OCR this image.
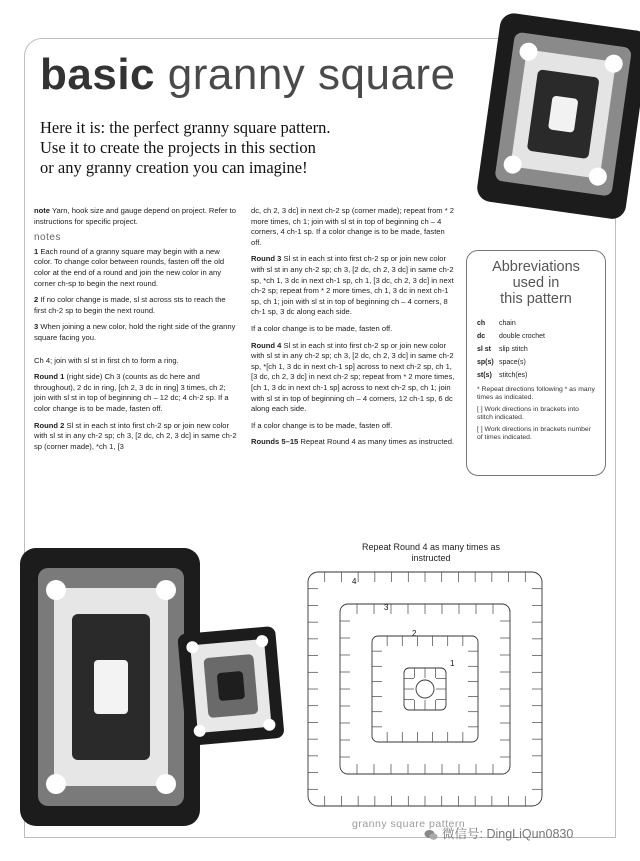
basic granny square
Here it is: the perfect granny square pattern.
Use it to create the projects in this section
or any granny creation you can imagine!

note Yarn, hook size and gauge depend on project. Refer to instructions for specific project.

notes

1 Each round of a granny square may begin with a new color. To change color between rounds, fasten off the old color at the end of a round and join the new color in any corner ch-sp to begin the next round.

2 If no color change is made, sl st across sts to reach the first ch-2 sp to begin the next round.

3 When joining a new color, hold the right side of the granny square facing you.

Ch 4; join with sl st in first ch to form a ring.

Round 1 (right side) Ch 3 (counts as dc here and throughout), 2 dc in ring, [ch 2, 3 dc in ring] 3 times, ch 2; join with sl st in top of beginning ch – 12 dc; 4 ch-2 sp. If a color change is to be made, fasten off.

Round 2 Sl st in each st into first ch-2 sp or join new color with sl st in any ch-2 sp; ch 3, [2 dc, ch 2, 3 dc] in same ch-2 sp (corner made), *ch 1, [3

dc, ch 2, 3 dc] in next ch-2 sp (corner made); repeat from * 2 more times, ch 1; join with sl st in top of beginning ch – 4 corners, 4 ch-1 sp. If a color change is to be made, fasten off.

Round 3 Sl st in each st into first ch-2 sp or join new color with sl st in any ch-2 sp; ch 3, [2 dc, ch 2, 3 dc] in same ch-2 sp, *ch 1, 3 dc in next ch-1 sp, ch 1, [3 dc, ch 2, 3 dc] in next ch-2 sp; repeat from * 2 more times, ch 1, 3 dc in next ch-1 sp, ch 1; join with sl st in top of beginning ch – 4 corners, 8 ch-1 sp, 3 dc along each side.

If a color change is to be made, fasten off.

Round 4 Sl st in each st into first ch-2 sp or join new color with sl st in any ch-2 sp; ch 3, [2 dc, ch 2, 3 dc] in same ch-2 sp, *[ch 1, 3 dc in next ch-1 sp] across to next ch-2 sp, ch 1, [3 dc, ch 2, 3 dc] in next ch-2 sp; repeat from * 2 more times, [ch 1, 3 dc in next ch-1 sp] across to next ch-2 sp, ch 1; join with sl st in top of beginning ch – 4 corners, 12 ch-1 sp, 6 dc along each side.

If a color change is to be made, fasten off.

Rounds 5–15 Repeat Round 4 as many times as instructed.

Abbreviations
used in
this pattern
ch	chain
dc	double crochet
sl st	slip stitch
sp(s) space(s)
st(s)	stitch(es)
* Repeat directions following * as many times as indicated.
[ ] Work directions in brackets into stitch indicated.
[ ] Work directions in brackets number of times indicated.
Repeat Round 4 as many times as instructed
4
3
2
1
granny square pattern
微信号: DingLiQun0830
